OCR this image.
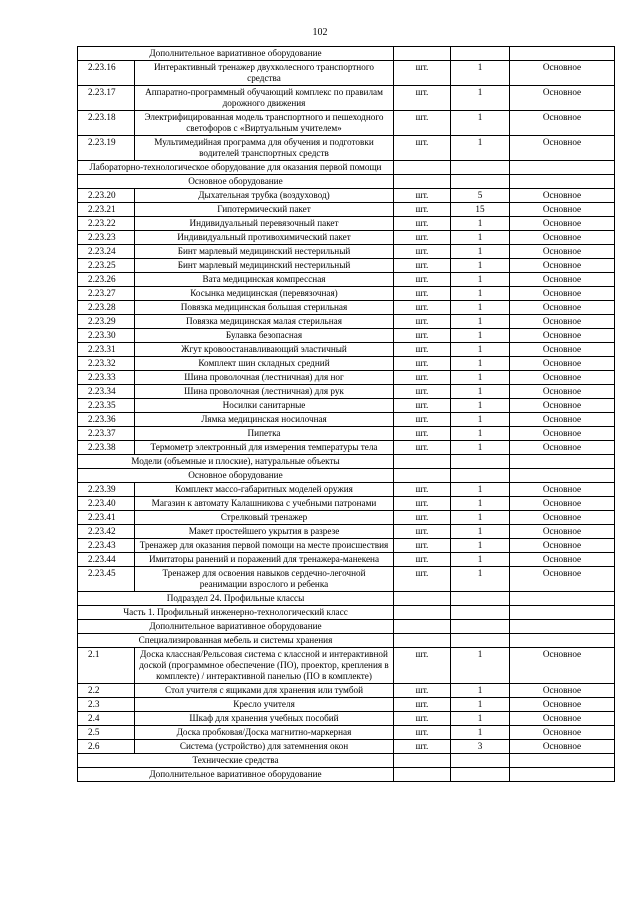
102
Дополнительное вариативное оборудование				
2.23.16	Интерактивный тренажер двухколесного транспортного средства	шт.	1	Основное
2.23.17	Аппаратно-программный обучающий комплекс по правилам дорожного движения	шт.	1	Основное
2.23.18	Электрифицированная модель транспортного и пешеходного светофоров с «Виртуальным учителем»	шт.	1	Основное
2.23.19	Мультимедийная программа для обучения и подготовки водителей транспортных средств	шт.	1	Основное
Лабораторно-технологическое оборудование для оказания первой помощи				
Основное оборудование				
2.23.20	Дыхательная трубка (воздуховод)	шт.	5	Основное
2.23.21	Гипотермический пакет	шт.	15	Основное
2.23.22	Индивидуальный перевязочный пакет	шт.	1	Основное
2.23.23	Индивидуальный противохимический пакет	шт.	1	Основное
2.23.24	Бинт марлевый медицинский нестерильный	шт.	1	Основное
2.23.25	Бинт марлевый медицинский нестерильный	шт.	1	Основное
2.23.26	Вата медицинская компрессная	шт.	1	Основное
2.23.27	Косынка медицинская (перевязочная)	шт.	1	Основное
2.23.28	Повязка медицинская большая стерильная	шт.	1	Основное
2.23.29	Повязка медицинская малая стерильная	шт.	1	Основное
2.23.30	Булавка безопасная	шт.	1	Основное
2.23.31	Жгут кровоостанавливающий эластичный	шт.	1	Основное
2.23.32	Комплект шин складных средний	шт.	1	Основное
2.23.33	Шина проволочная (лестничная) для ног	шт.	1	Основное
2.23.34	Шина проволочная (лестничная) для рук	шт.	1	Основное
2.23.35	Носилки санитарные	шт.	1	Основное
2.23.36	Лямка медицинская носилочная	шт.	1	Основное
2.23.37	Пипетка	шт.	1	Основное
2.23.38	Термометр электронный для измерения температуры тела	шт.	1	Основное
Модели (объемные и плоские), натуральные объекты				
Основное оборудование				
2.23.39	Комплект массо-габаритных моделей оружия	шт.	1	Основное
2.23.40	Магазин к автомату Калашникова с учебными патронами	шт.	1	Основное
2.23.41	Стрелковый тренажер	шт.	1	Основное
2.23.42	Макет простейшего укрытия в разрезе	шт.	1	Основное
2.23.43	Тренажер для оказания первой помощи на месте происшествия	шт.	1	Основное
2.23.44	Имитаторы ранений и поражений для тренажера-манекена	шт.	1	Основное
2.23.45	Тренажер для освоения навыков сердечно-легочной реанимации взрослого и ребенка	шт.	1	Основное
Подраздел 24. Профильные классы				
Часть 1. Профильный инженерно-технологический класс				
Дополнительное вариативное оборудование				
Специализированная мебель и системы хранения				
2.1	Доска классная/Рельсовая система с классной и интерактивной доской (программное обеспечение (ПО), проектор, крепления в комплекте) / интерактивной панелью (ПО в комплекте)	шт.	1	Основное
2.2	Стол учителя с ящиками для хранения или тумбой	шт.	1	Основное
2.3	Кресло учителя	шт.	1	Основное
2.4	Шкаф для хранения учебных пособий	шт.	1	Основное
2.5	Доска пробковая/Доска магнитно-маркерная	шт.	1	Основное
2.6	Система (устройство) для затемнения окон	шт.	3	Основное
Технические средства				
Дополнительное вариативное оборудование				
